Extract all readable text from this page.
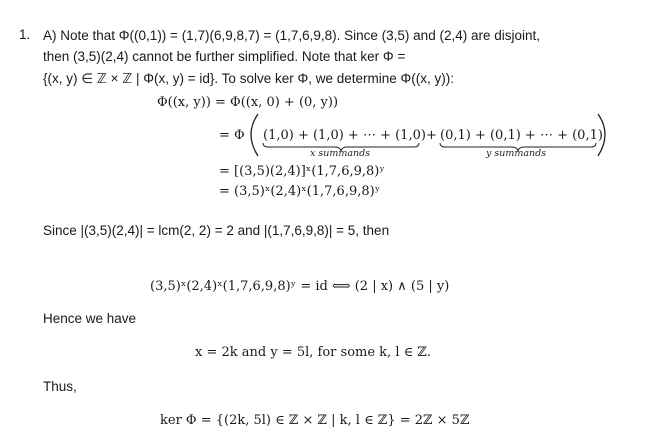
1. A) Note that Φ((0,1)) = (1,7)(6,9,8,7) = (1,7,6,9,8). Since (3,5) and (2,4) are disjoint,
then (3,5)(2,4) cannot be further simplified. Note that ker Φ =
{(x, y) ∈ ℤ × ℤ | Φ(x, y) = id}. To solve ker Φ, we determine Φ((x, y)):
Φ((x, y)) = Φ((x, 0) + (0, y))
= Φ (1,0) + (1,0) + ⋯ + (1,0) + (0,1) + (0,1) + ⋯ + (0,1)
x summands	y summands
= [(3,5)(2,4)]ˣ(1,7,6,9,8)ʸ
= (3,5)ˣ(2,4)ˣ(1,7,6,9,8)ʸ
Since |(3,5)(2,4)| = lcm(2, 2) = 2 and |(1,7,6,9,8)| = 5, then
(3,5)ˣ(2,4)ˣ(1,7,6,9,8)ʸ = id ⟺ (2 | x) ∧ (5 | y)
Hence we have
x = 2k and y = 5l, for some k, l ∈ ℤ.
Thus,
ker Φ = {(2k, 5l) ∈ ℤ × ℤ | k, l ∈ ℤ} = 2ℤ × 5ℤ
